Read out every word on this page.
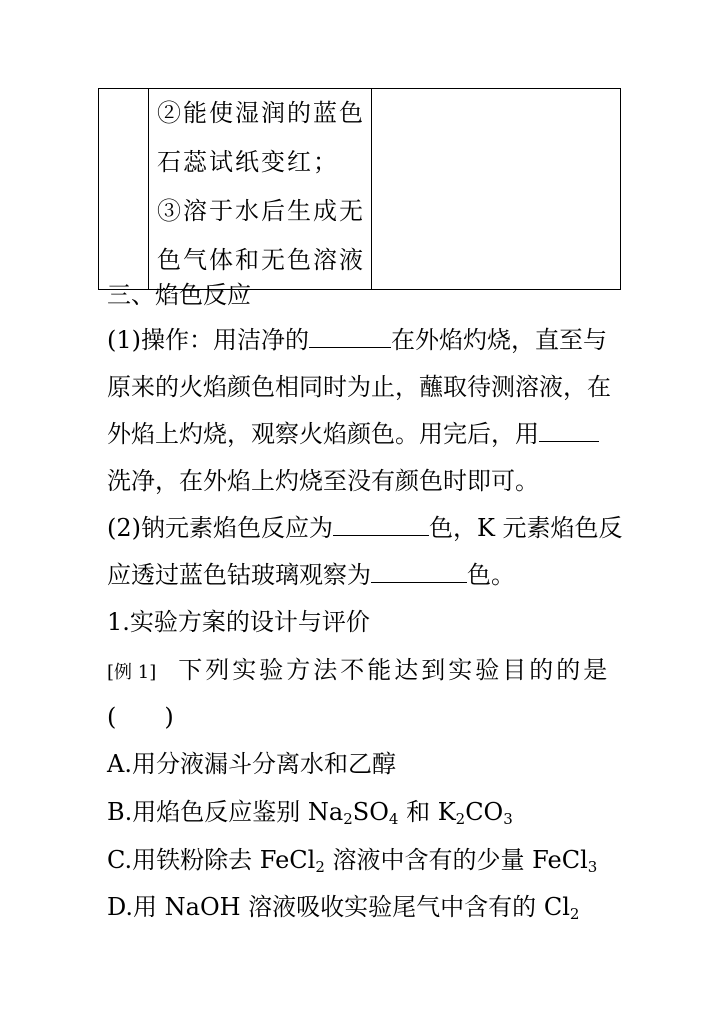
②能使湿润的蓝色
石蕊试纸变红；
③溶于水后生成无
色气体和无色溶液

三、焰色反应
(1)操作：用洁净的	在外焰灼烧，直至与
原来的火焰颜色相同时为止，蘸取待测溶液，在
外焰上灼烧，观察火焰颜色。用完后，用
洗净，在外焰上灼烧至没有颜色时即可。
(2)钠元素焰色反应为	色，K 元素焰色反
应透过蓝色钴玻璃观察为	色。
1.实验方案的设计与评价
[例 1] 下列实验方法不能达到实验目的的是
(　　)
A.用分液漏斗分离水和乙醇
B.用焰色反应鉴别 $Na_2SO_4$ 和 $K_2CO_3$
C.用铁粉除去 FeCl$_2$ 溶液中含有的少量 FeCl$_3$
D.用 NaOH 溶液吸收实验尾气中含有的 $Cl_2$
